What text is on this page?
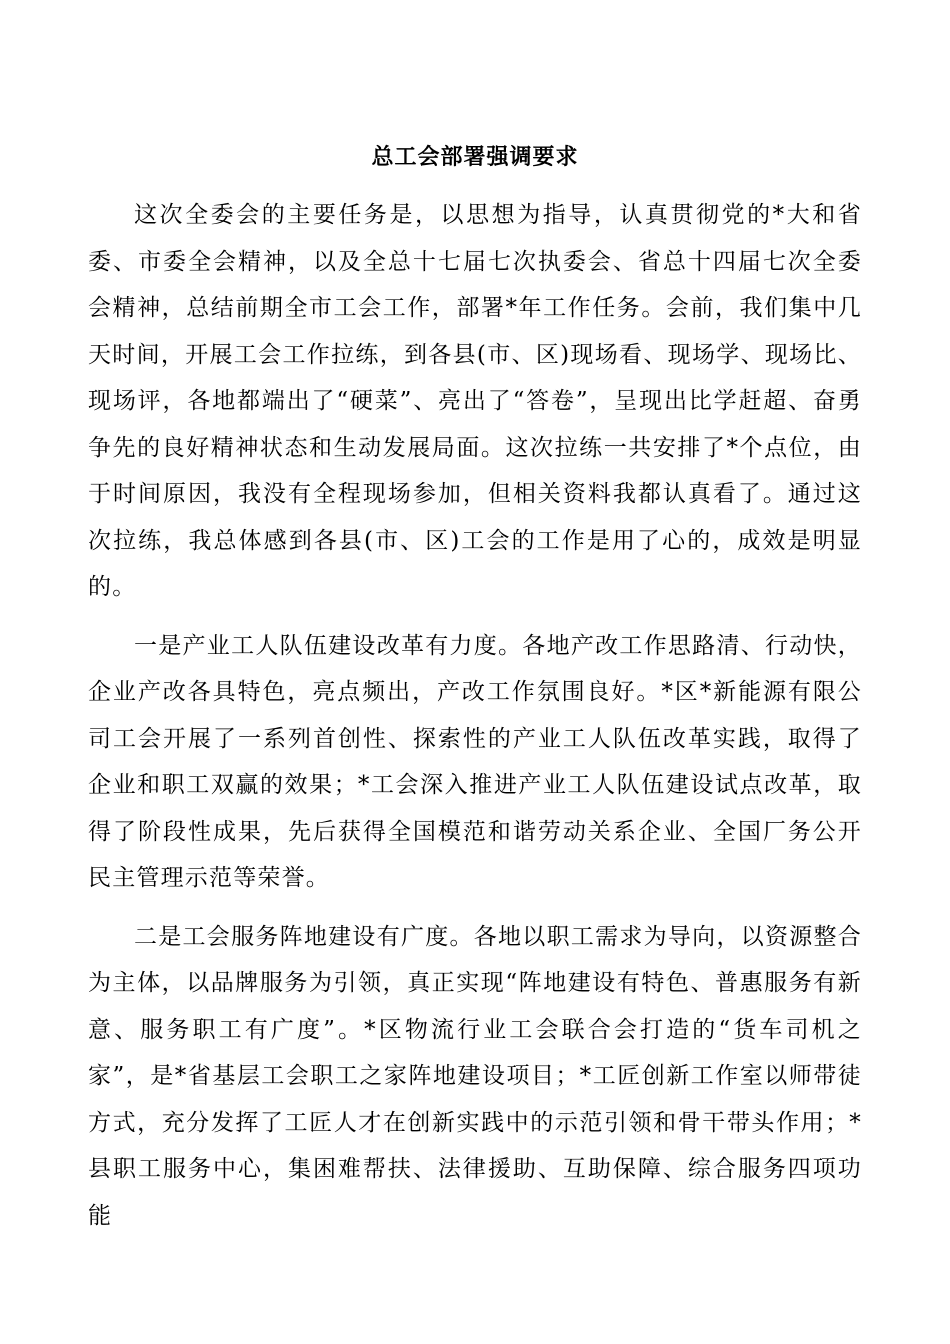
总工会部署强调要求

这次全委会的主要任务是，以思想为指导，认真贯彻党的*大和省委、市委全会精神，以及全总十七届七次执委会、省总十四届七次全委会精神，总结前期全市工会工作，部署*年工作任务。会前，我们集中几天时间，开展工会工作拉练，到各县(市、区)现场看、现场学、现场比、现场评，各地都端出了“硬菜”、亮出了“答卷”，呈现出比学赶超、奋勇争先的良好精神状态和生动发展局面。这次拉练一共安排了*个点位，由于时间原因，我没有全程现场参加，但相关资料我都认真看了。通过这次拉练，我总体感到各县(市、区)工会的工作是用了心的，成效是明显的。

一是产业工人队伍建设改革有力度。各地产改工作思路清、行动快，企业产改各具特色，亮点频出，产改工作氛围良好。*区*新能源有限公司工会开展了一系列首创性、探索性的产业工人队伍改革实践，取得了企业和职工双赢的效果；*工会深入推进产业工人队伍建设试点改革，取得了阶段性成果，先后获得全国模范和谐劳动关系企业、全国厂务公开民主管理示范等荣誉。

二是工会服务阵地建设有广度。各地以职工需求为导向，以资源整合为主体，以品牌服务为引领，真正实现“阵地建设有特色、普惠服务有新意、服务职工有广度”。*区物流行业工会联合会打造的“货车司机之家”，是*省基层工会职工之家阵地建设项目；*工匠创新工作室以师带徒方式，充分发挥了工匠人才在创新实践中的示范引领和骨干带头作用；*县职工服务中心，集困难帮扶、法律援助、互助保障、综合服务四项功能
